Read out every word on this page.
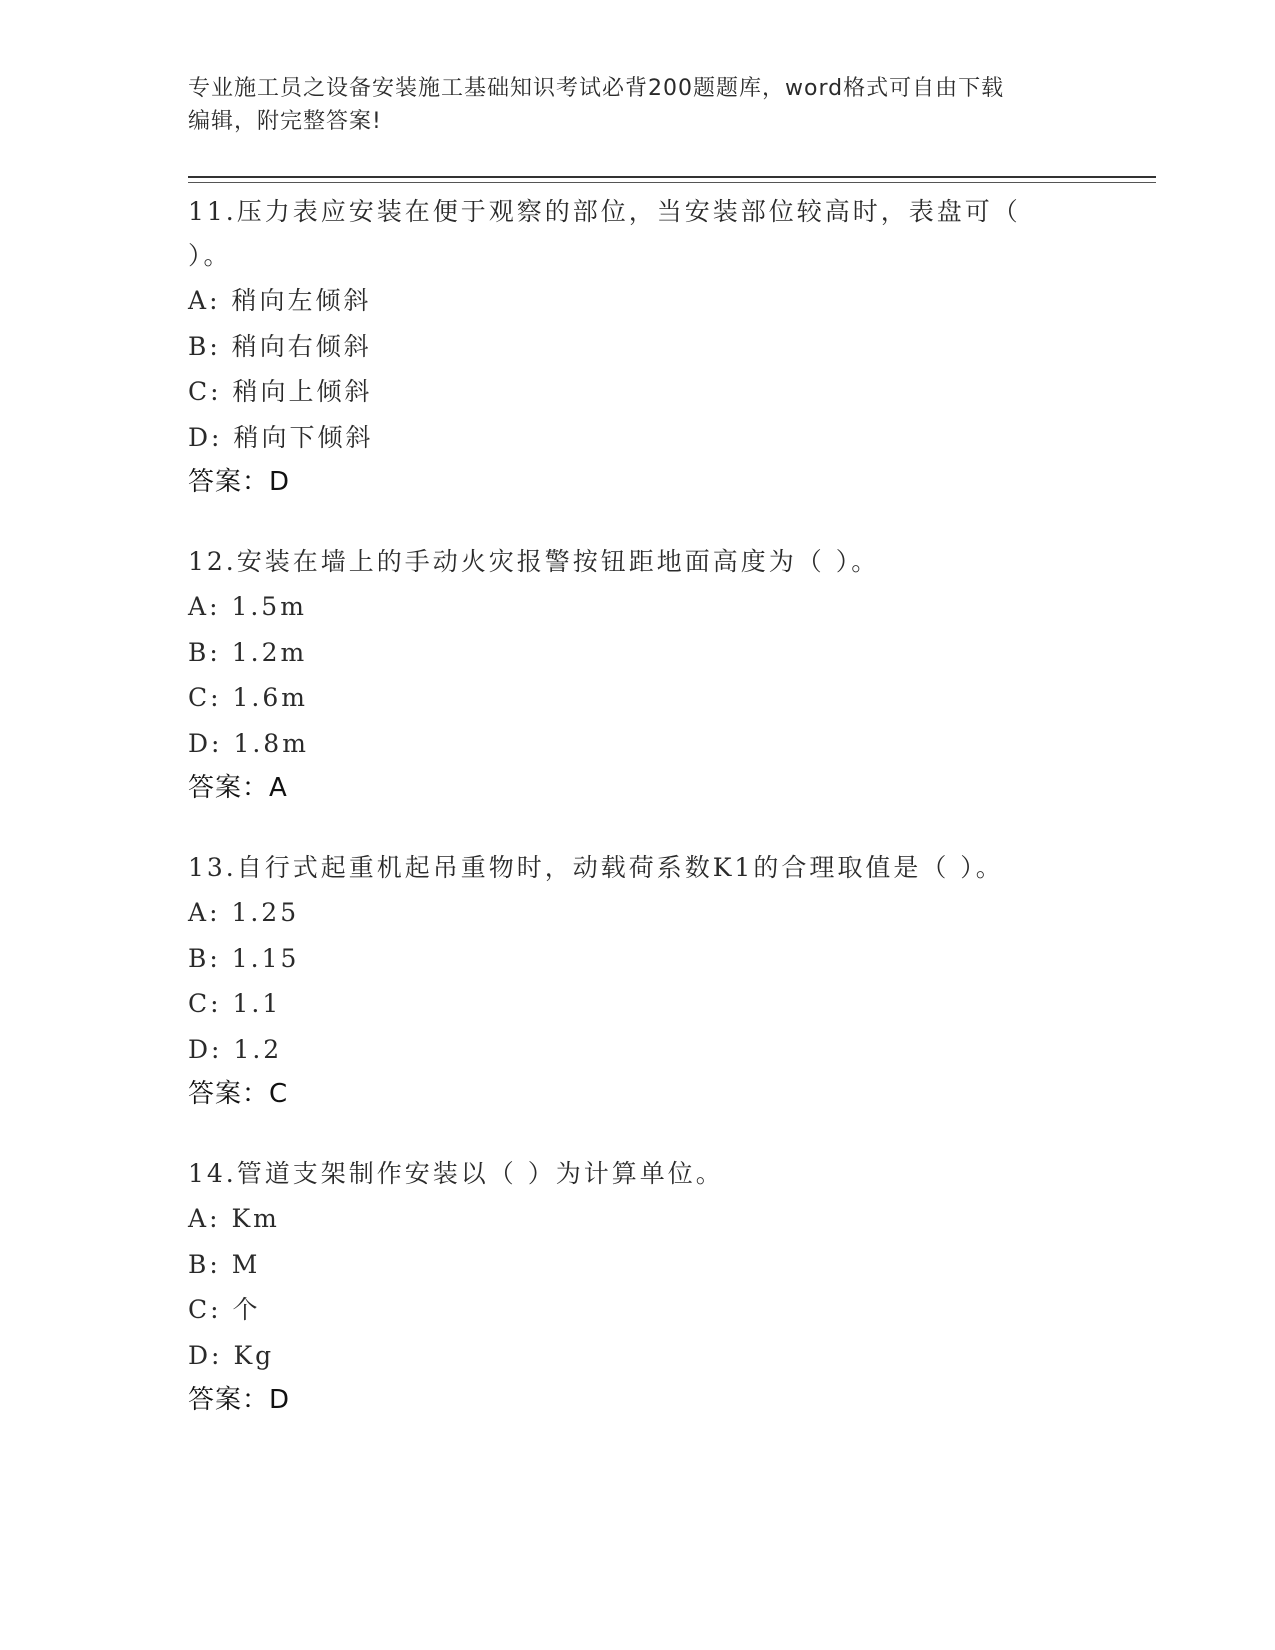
专业施工员之设备安装施工基础知识考试必背200题题库，word格式可自由下载
编辑，附完整答案!
11.压力表应安装在便于观察的部位，当安装部位较高时，表盘可（
）。
A: 稍向左倾斜
B: 稍向右倾斜
C: 稍向上倾斜
D: 稍向下倾斜
答案：D
12.安装在墙上的手动火灾报警按钮距地面高度为（ ）。
A: 1.5m
B: 1.2m
C: 1.6m
D: 1.8m
答案：A
13.自行式起重机起吊重物时，动载荷系数K1的合理取值是（ ）。
A: 1.25
B: 1.15
C: 1.1
D: 1.2
答案：C
14.管道支架制作安装以（ ）为计算单位。
A: Km
B: M
C: 个
D: Kg
答案：D
